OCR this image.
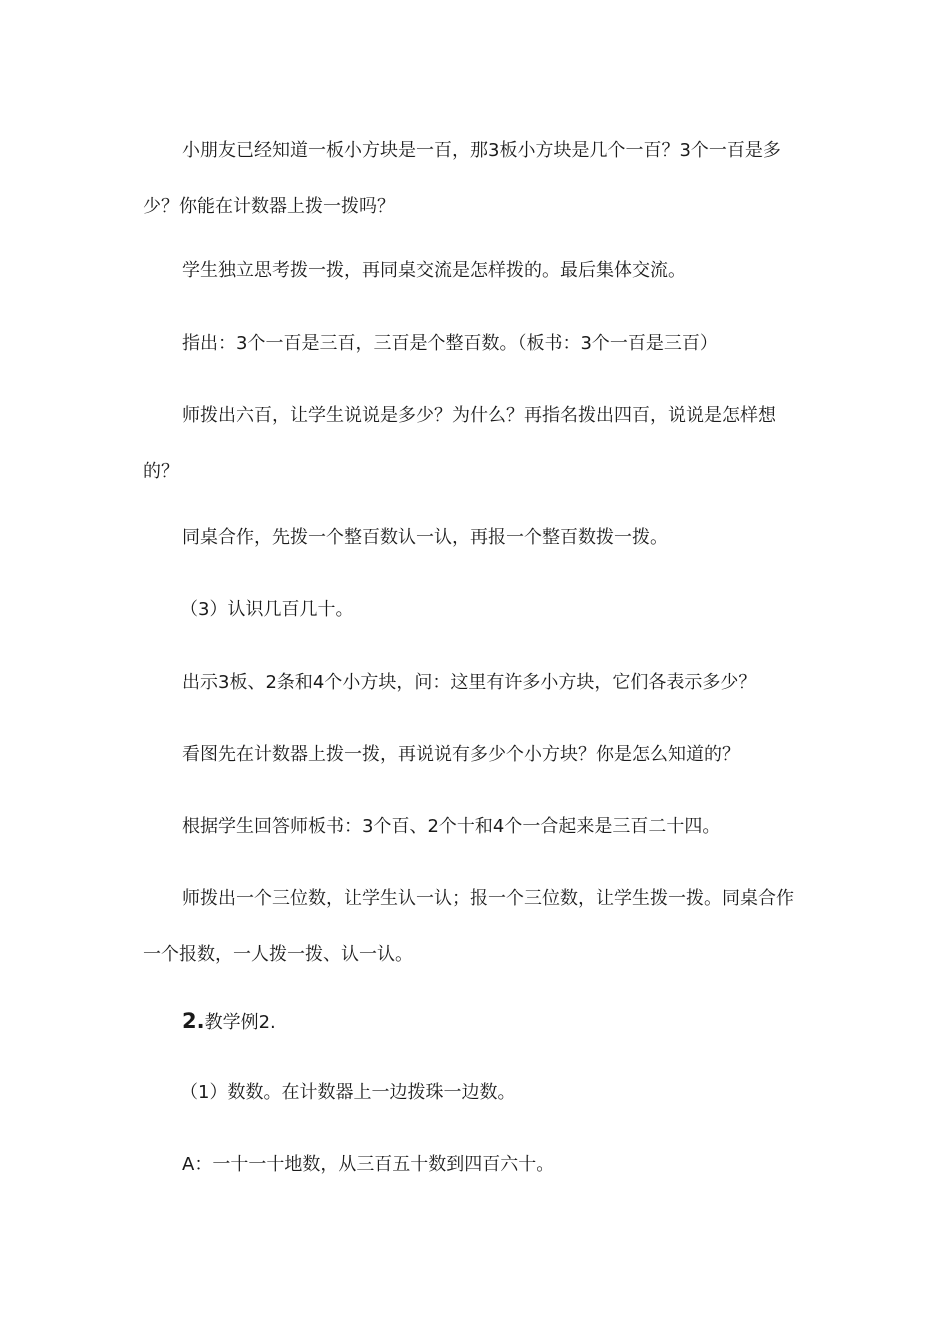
小朋友已经知道一板小方块是一百，那3板小方块是几个一百？3个一百是多少？你能在计数器上拨一拨吗？

学生独立思考拨一拨，再同桌交流是怎样拨的。最后集体交流。

指出：3个一百是三百，三百是个整百数。（板书：3个一百是三百）

师拨出六百，让学生说说是多少？为什么？再指名拨出四百，说说是怎样想的？

同桌合作，先拨一个整百数认一认，再报一个整百数拨一拨。

（3）认识几百几十。

出示3板、2条和4个小方块，问：这里有许多小方块，它们各表示多少？

看图先在计数器上拨一拨，再说说有多少个小方块？你是怎么知道的？

根据学生回答师板书：3个百、2个十和4个一合起来是三百二十四。

师拨出一个三位数，让学生认一认；报一个三位数，让学生拨一拨。同桌合作一个报数，一人拨一拨、认一认。

2.教学例2.

（1）数数。在计数器上一边拨珠一边数。

A：一十一十地数，从三百五十数到四百六十。
